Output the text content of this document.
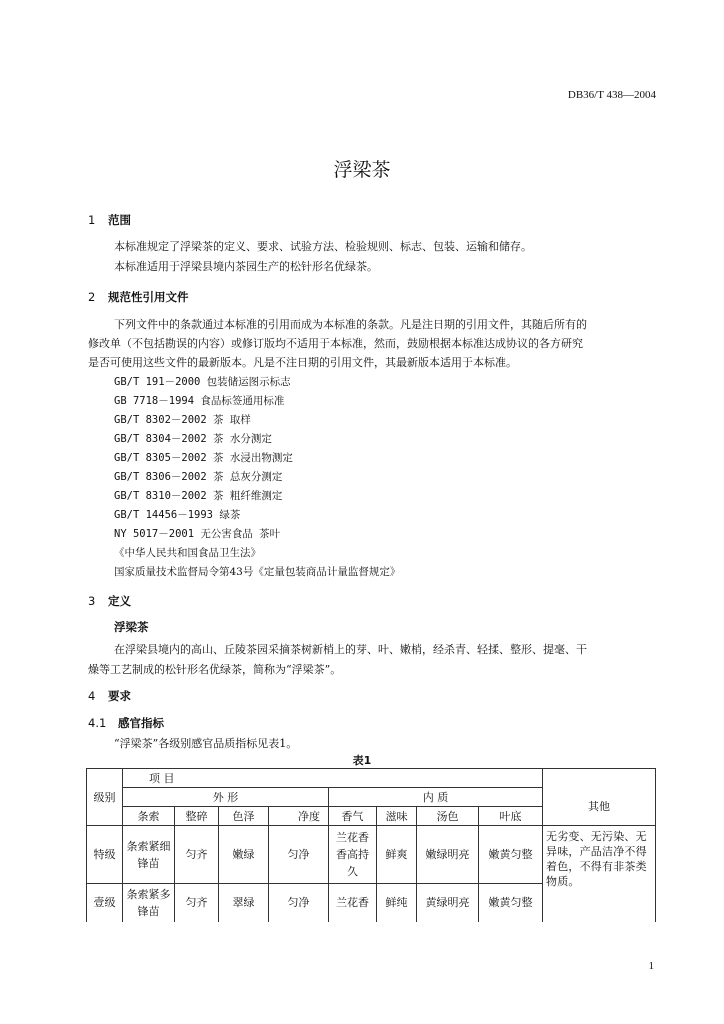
DB36/T 438—2004
浮梁茶
1 范围
本标准规定了浮梁茶的定义、要求、试验方法、检验规则、标志、包装、运输和储存。
本标准适用于浮梁县境内茶园生产的松针形名优绿茶。
2 规范性引用文件
下列文件中的条款通过本标准的引用而成为本标准的条款。凡是注日期的引用文件，其随后所有的
修改单（不包括勘误的内容）或修订版均不适用于本标准，然而，鼓励根据本标准达成协议的各方研究
是否可使用这些文件的最新版本。凡是不注日期的引用文件，其最新版本适用于本标准。
GB/T 191－2000 包装储运图示标志
GB 7718－1994 食品标签通用标准
GB/T 8302－2002 茶 取样
GB/T 8304－2002 茶 水分测定
GB/T 8305－2002 茶 水浸出物测定
GB/T 8306－2002 茶 总灰分测定
GB/T 8310－2002 茶 粗纤维测定
GB/T 14456－1993 绿茶
NY 5017－2001 无公害食品 茶叶
《中华人民共和国食品卫生法》
国家质量技术监督局令第43号《定量包装商品计量监督规定》
3 定义
浮梁茶
在浮梁县境内的高山、丘陵茶园采摘茶树新梢上的芽、叶、嫩梢，经杀青、轻揉、整形、提毫、干
燥等工艺制成的松针形名优绿茶，简称为“浮梁茶”。
4 要求
4.1 感官指标
“浮梁茶”各级别感官品质指标见表1。
表1
级别	项 目								
	外 形				内 质				其他
	条索	整碎	色泽	净度	香气	滋味	汤色	叶底	
特级	条索紧细锋苗	匀齐	嫩绿	匀净	兰花香香高持久	鲜爽	嫩绿明亮	嫩黄匀整	无劣变、无污染、无异味，产品洁净不得着色，不得有非茶类物质。
壹级	条索紧多锋苗	匀齐	翠绿	匀净	兰花香	鲜纯	黄绿明亮	嫩黄匀整	
1
